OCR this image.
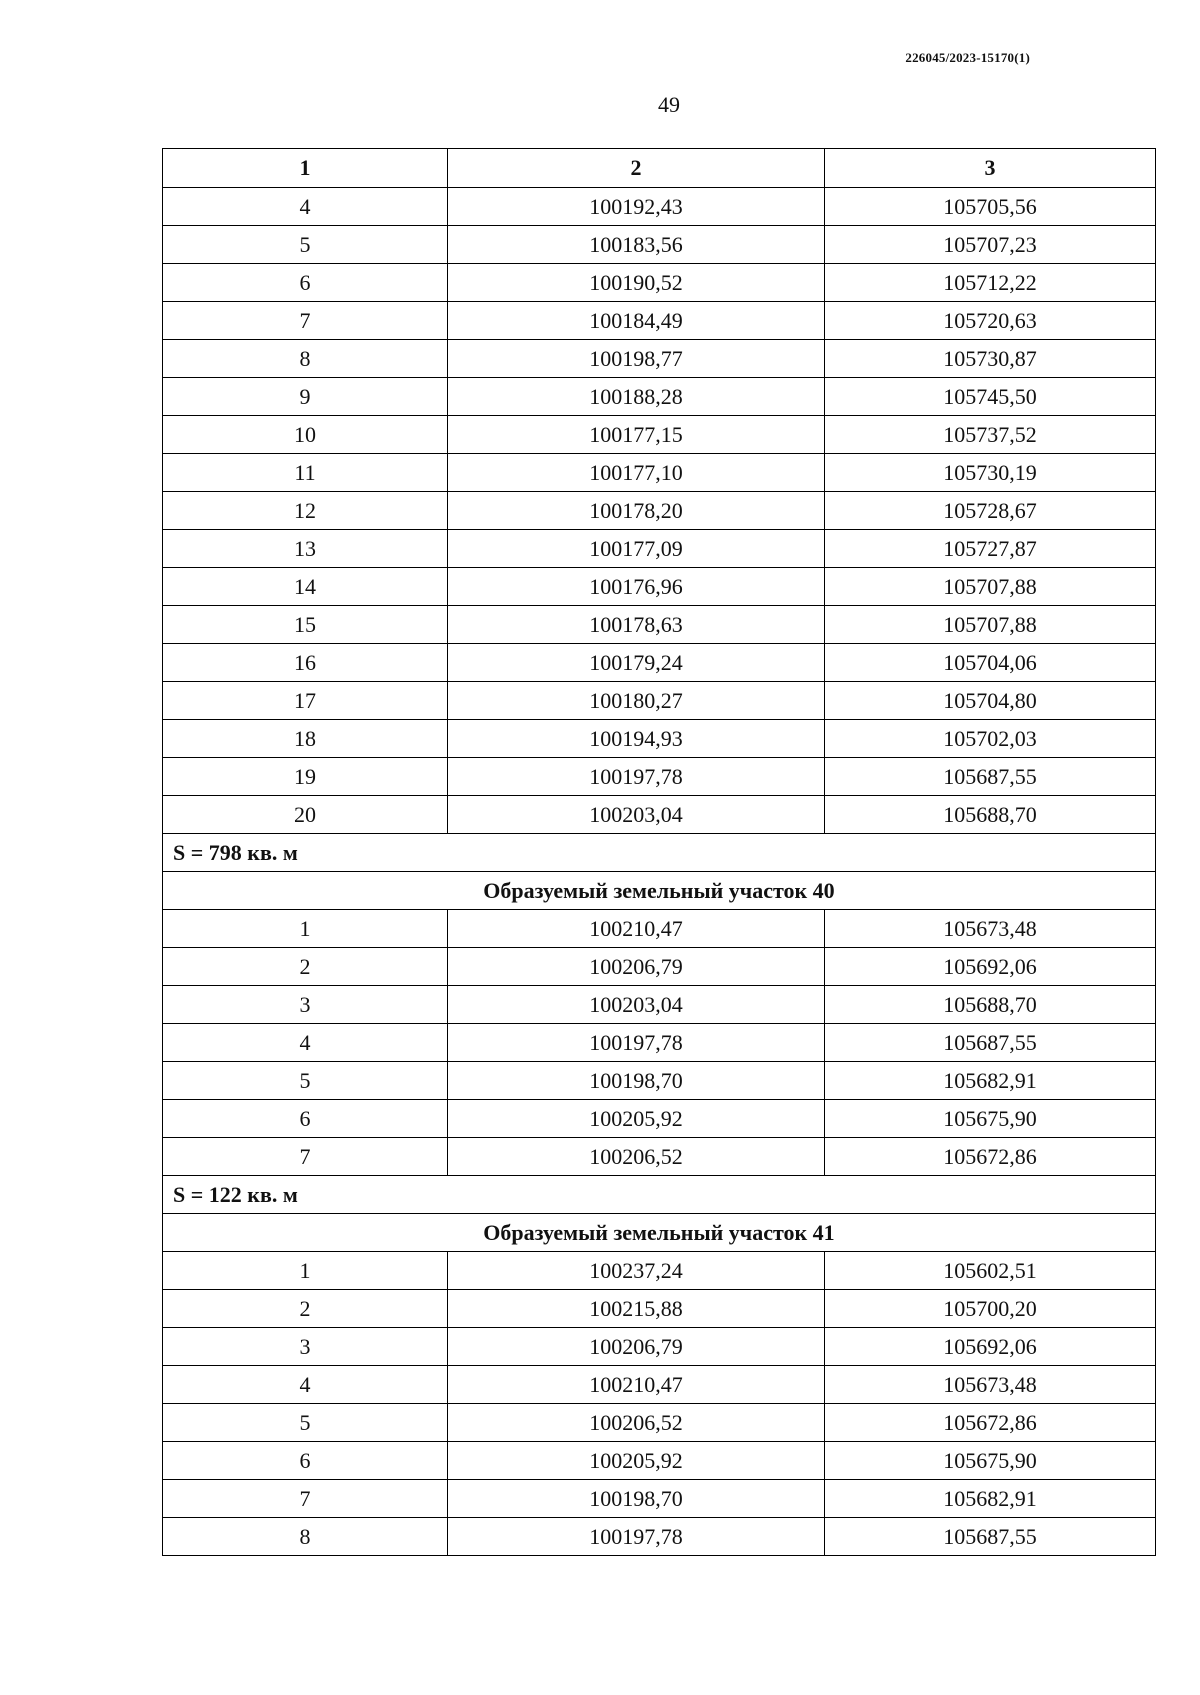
226045/2023-15170(1)
49
1	2	3
4	100192,43	105705,56
5	100183,56	105707,23
6	100190,52	105712,22
7	100184,49	105720,63
8	100198,77	105730,87
9	100188,28	105745,50
10	100177,15	105737,52
11	100177,10	105730,19
12	100178,20	105728,67
13	100177,09	105727,87
14	100176,96	105707,88
15	100178,63	105707,88
16	100179,24	105704,06
17	100180,27	105704,80
18	100194,93	105702,03
19	100197,78	105687,55
20	100203,04	105688,70
S = 798 кв. м		
Образуемый земельный участок 40		
1	100210,47	105673,48
2	100206,79	105692,06
3	100203,04	105688,70
4	100197,78	105687,55
5	100198,70	105682,91
6	100205,92	105675,90
7	100206,52	105672,86
S = 122 кв. м		
Образуемый земельный участок 41		
1	100237,24	105602,51
2	100215,88	105700,20
3	100206,79	105692,06
4	100210,47	105673,48
5	100206,52	105672,86
6	100205,92	105675,90
7	100198,70	105682,91
8	100197,78	105687,55
